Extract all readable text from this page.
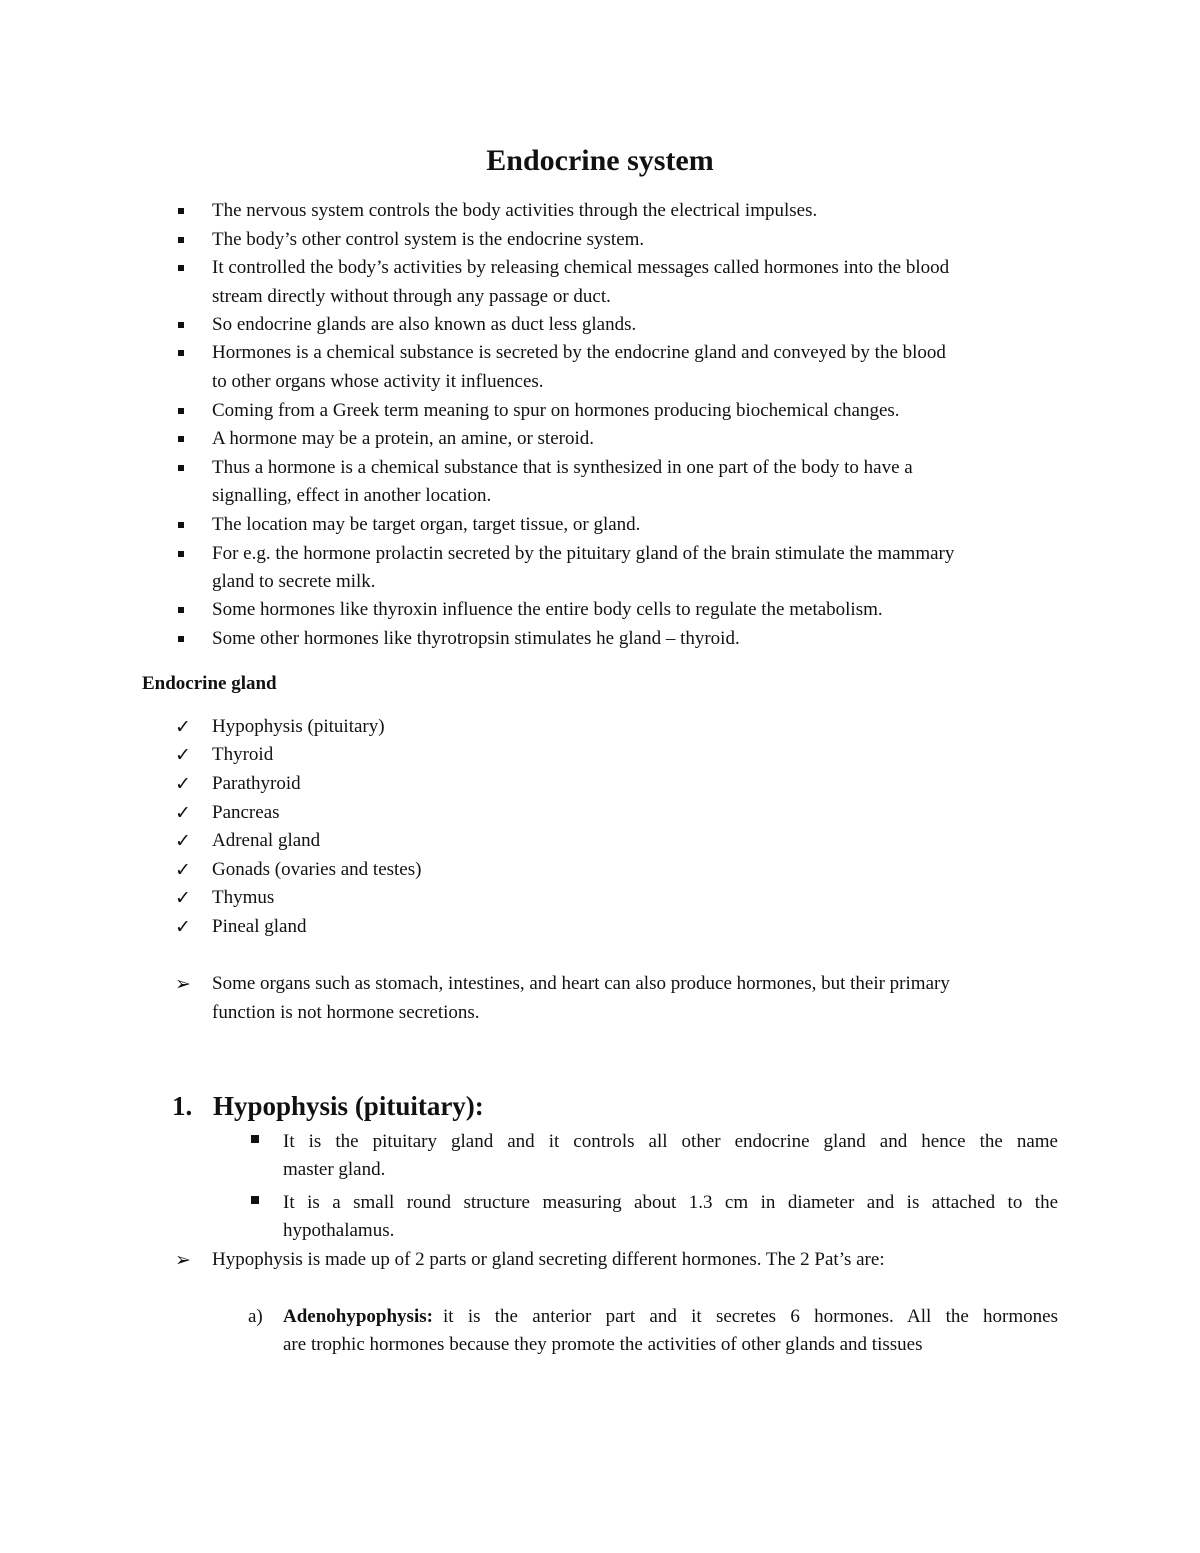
Endocrine system
The nervous system controls the body activities through the electrical impulses.
The body’s other control system is the endocrine system.
It controlled the body’s activities by releasing chemical messages called hormones into the blood
stream directly without through any passage or duct.
So endocrine glands are also known as duct less glands.
Hormones is a chemical substance is secreted by the endocrine gland and conveyed by the blood
to other organs whose activity it influences.
Coming from a Greek term meaning to spur on hormones producing biochemical changes.
A hormone may be a protein, an amine, or steroid.
Thus a hormone is a chemical substance that is synthesized in one part of the body to have a
signalling, effect in another location.
The location may be target organ, target tissue, or gland.
For e.g. the hormone prolactin secreted by the pituitary gland of the brain stimulate the mammary
gland to secrete milk.
Some hormones like thyroxin influence the entire body cells to regulate the metabolism.
Some other hormones like thyrotropsin stimulates he gland – thyroid.
Endocrine gland
✓ Hypophysis (pituitary)
✓ Thyroid
✓ Parathyroid
✓ Pancreas
✓ Adrenal gland
✓ Gonads (ovaries and testes)
✓ Thymus
✓ Pineal gland
➢ Some organs such as stomach, intestines, and heart can also produce hormones, but their primary
function is not hormone secretions.
1. Hypophysis (pituitary):
It is the pituitary gland and it controls all other endocrine gland and hence the name
master gland.
It is a small round structure measuring about 1.3 cm in diameter and is attached to the
hypothalamus.
➢ Hypophysis is made up of 2 parts or gland secreting different hormones. The 2 Pat’s are:
a) Adenohypophysis: it is the anterior part and it secretes 6 hormones. All the hormones
are trophic hormones because they promote the activities of other glands and tissues
